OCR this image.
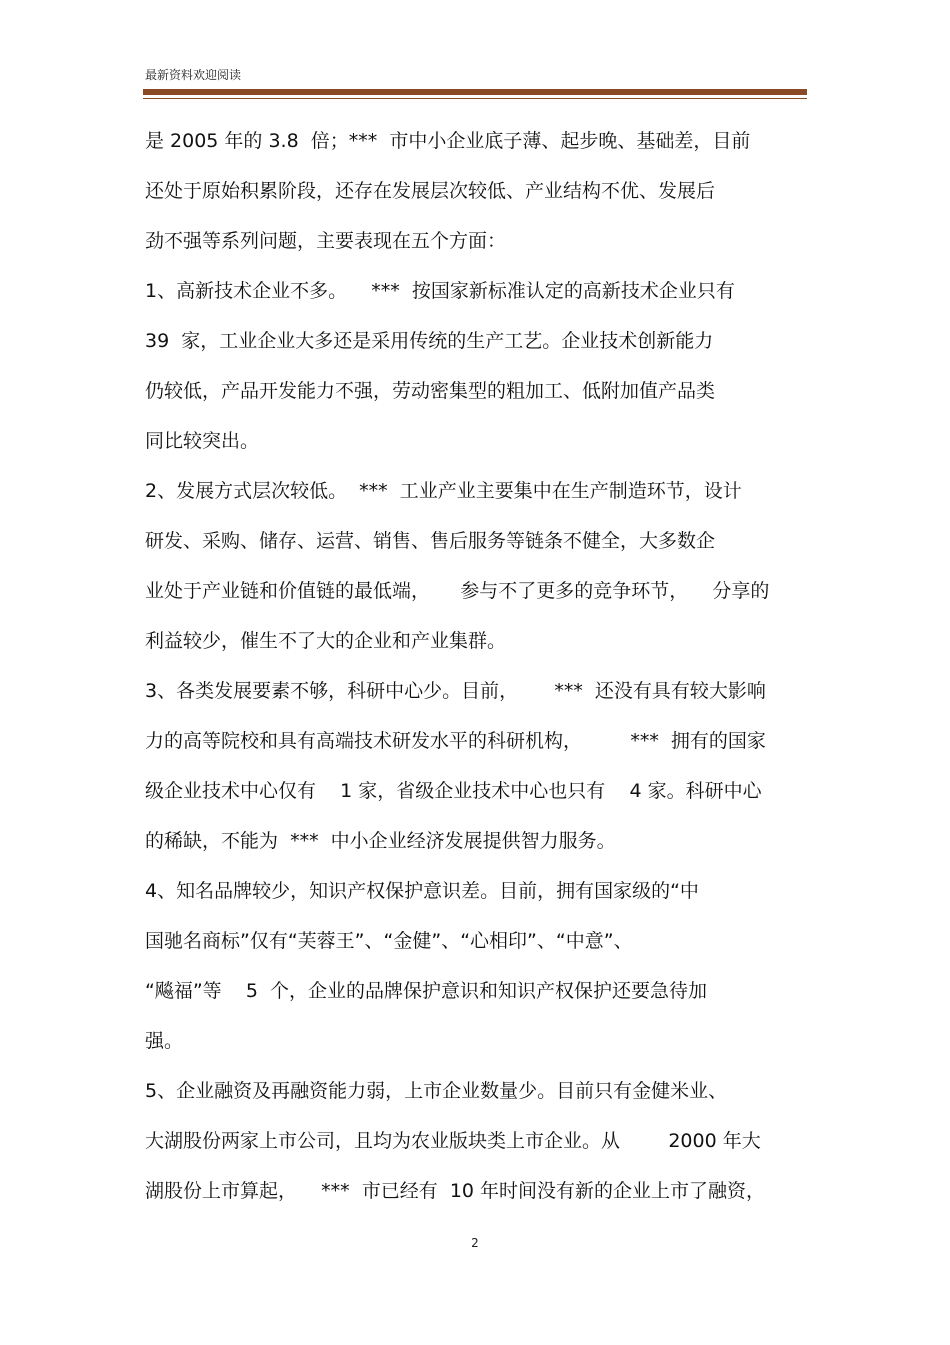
最新资料欢迎阅读
是 2005 年的 3.8  倍；***  市中小企业底子薄、起步晚、基础差，目前
还处于原始积累阶段，还存在发展层次较低、产业结构不优、发展后
劲不强等系列问题，主要表现在五个方面：
1、高新技术企业不多。    ***  按国家新标准认定的高新技术企业只有
39  家，工业企业大多还是采用传统的生产工艺。企业技术创新能力
仍较低，产品开发能力不强，劳动密集型的粗加工、低附加值产品类
同比较突出。
2、发展方式层次较低。  ***  工业产业主要集中在生产制造环节，设计
研发、采购、储存、运营、销售、售后服务等链条不健全，大多数企
业处于产业链和价值链的最低端，     参与不了更多的竞争环节，    分享的
利益较少，催生不了大的企业和产业集群。
3、各类发展要素不够，科研中心少。目前，      ***  还没有具有较大影响
力的高等院校和具有高端技术研发水平的科研机构，        ***  拥有的国家
级企业技术中心仅有    1 家，省级企业技术中心也只有    4 家。科研中心
的稀缺，不能为  ***  中小企业经济发展提供智力服务。
4、知名品牌较少，知识产权保护意识差。目前，拥有国家级的“中
国驰名商标”仅有“芙蓉王”、“金健”、“心相印”、“中意”、
“飚福”等    5  个，企业的品牌保护意识和知识产权保护还要急待加
强。
5、企业融资及再融资能力弱，上市企业数量少。目前只有金健米业、
大湖股份两家上市公司，且均为农业版块类上市企业。从        2000 年大
湖股份上市算起，    ***  市已经有  10 年时间没有新的企业上市了融资，
2
